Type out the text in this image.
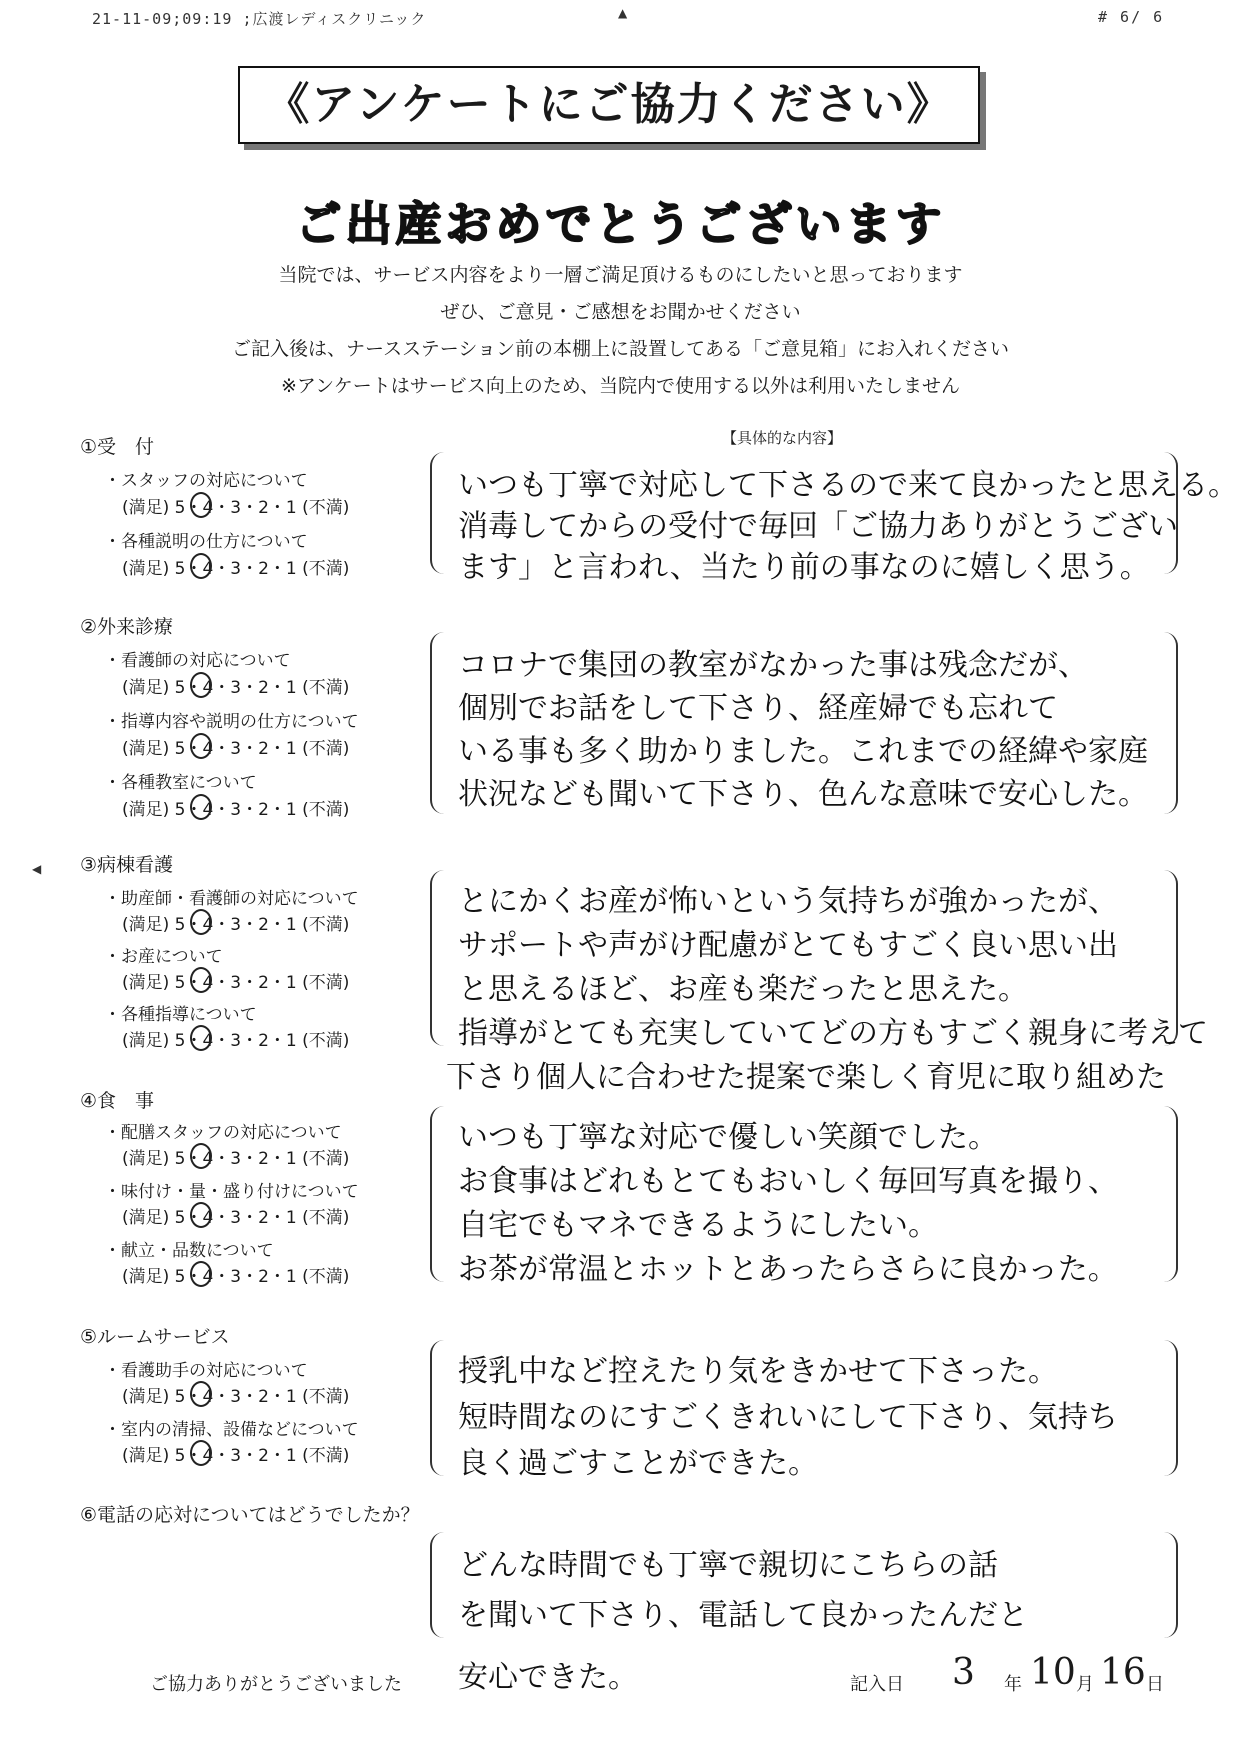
21-11-09;09:19 ;広渡レディスクリニック	▲	# 6/ 6
《アンケートにご協力ください》
ご出産おめでとうございます
当院では、サービス内容をより一層ご満足頂けるものにしたいと思っております
ぜひ、ご意見・ご感想をお聞かせください
ご記入後は、ナースステーション前の本棚上に設置してある「ご意見箱」にお入れください
※アンケートはサービス向上のため、当院内で使用する以外は利用いたしません
【具体的な内容】
①受　付
・スタッフの対応について
(満足) 5・4・3・2・1 (不満)
・各種説明の仕方について
(満足) 5・4・3・2・1 (不満)
いつも丁寧で対応して下さるので来て良かったと思える。
消毒してからの受付で毎回「ご協力ありがとうござい
ます」と言われ、当たり前の事なのに嬉しく思う。
②外来診療
・看護師の対応について
(満足) 5・4・3・2・1 (不満)
・指導内容や説明の仕方について
(満足) 5・4・3・2・1 (不満)
・各種教室について
(満足) 5・4・3・2・1 (不満)
コロナで集団の教室がなかった事は残念だが、
個別でお話をして下さり、経産婦でも忘れて
いる事も多く助かりました。これまでの経緯や家庭
状況なども聞いて下さり、色んな意味で安心した。
◀ ③病棟看護
・助産師・看護師の対応について
(満足) 5・4・3・2・1 (不満)
・お産について
(満足) 5・4・3・2・1 (不満)
・各種指導について
(満足) 5・4・3・2・1 (不満)
とにかくお産が怖いという気持ちが強かったが、
サポートや声がけ配慮がとてもすごく良い思い出
と思えるほど、お産も楽だったと思えた。
指導がとても充実していてどの方もすごく親身に考えて
下さり個人に合わせた提案で楽しく育児に取り組めた
④食　事
・配膳スタッフの対応について
(満足) 5・4・3・2・1 (不満)
・味付け・量・盛り付けについて
(満足) 5・4・3・2・1 (不満)
・献立・品数について
(満足) 5・4・3・2・1 (不満)
いつも丁寧な対応で優しい笑顔でした。
お食事はどれもとてもおいしく毎回写真を撮り、
自宅でもマネできるようにしたい。
お茶が常温とホットとあったらさらに良かった。
⑤ルームサービス
・看護助手の対応について
(満足) 5・4・3・2・1 (不満)
・室内の清掃、設備などについて
(満足) 5・4・3・2・1 (不満)
授乳中など控えたり気をきかせて下さった。
短時間なのにすごくきれいにして下さり、気持ち
良く過ごすことができた。
⑥電話の応対についてはどうでしたか？
どんな時間でも丁寧で親切にこちらの話
を聞いて下さり、電話して良かったんだと
安心できた。
ご協力ありがとうございました	記入日 3 年 10 月 16 日
